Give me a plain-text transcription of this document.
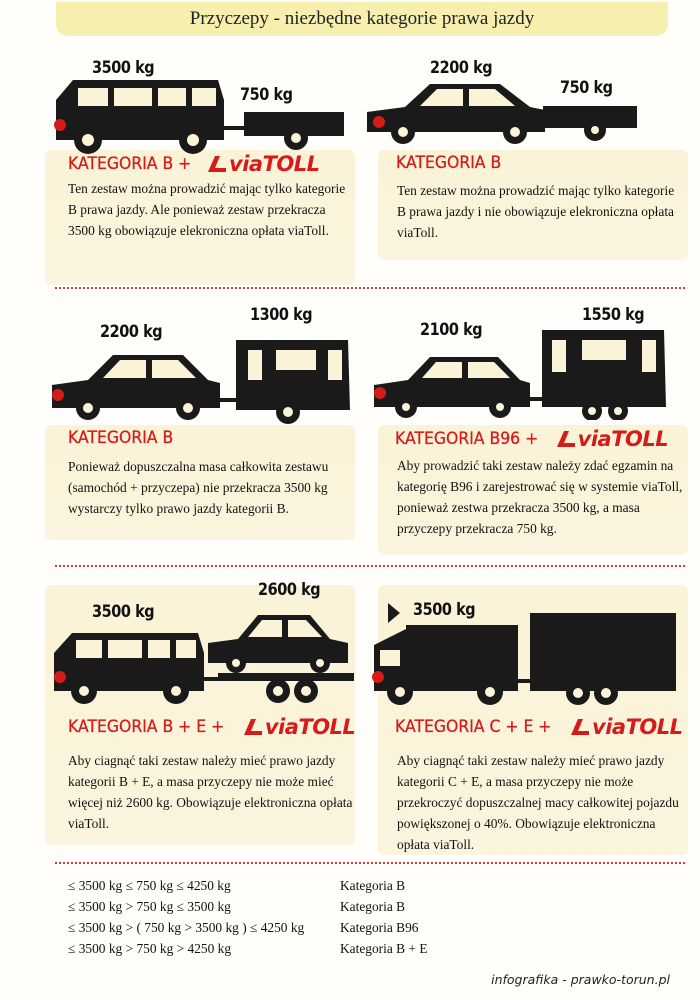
Przyczepy - niezbędne kategorie prawa jazdy
3500 kg
750 kg
KATEGORIA B + viaTOLL
Ten zestaw można prowadzić mając tylko kategorie B prawa jazdy. Ale ponieważ zestaw przekracza 3500 kg obowiązuje elekroniczna opłata viaToll.
2200 kg
750 kg
KATEGORIA B
Ten zestaw można prowadzić mając tylko kategorie B prawa jazdy i nie obowiązuje elekroniczna opłata viaToll.
2200 kg
1300 kg
KATEGORIA B
Ponieważ dopuszczalna masa całkowita zestawu (samochód + przyczepa) nie przekracza 3500 kg wystarczy tylko prawo jazdy kategorii B.
2100 kg
1550 kg
KATEGORIA B96 + viaTOLL
Aby prowadzić taki zestaw należy zdać egzamin na kategorię B96 i zarejestrować się w systemie viaToll, ponieważ zestwa przekracza 3500 kg, a masa przyczepy przekracza 750 kg.
3500 kg
2600 kg
KATEGORIA B + E + viaTOLL
Aby ciagnąć taki zestaw należy mieć prawo jazdy kategorii B + E, a masa przyczepy nie może mieć więcej niż 2600 kg. Obowiązuje elektroniczna opłata viaToll.
3500 kg
KATEGORIA C + E + viaTOLL
Aby ciagnąć taki zestaw należy mieć prawo jazdy kategorii C + E, a masa przyczepy nie może przekroczyć dopuszczalnej macy całkowitej pojazdu powiększonej o 40%. Obowiązuje elektroniczna opłata viaToll.
≤ 3500 kg ≤ 750 kg ≤ 4250 kg	Kategoria B
≤ 3500 kg > 750 kg ≤ 3500 kg	Kategoria B
≤ 3500 kg > ( 750 kg > 3500 kg ) ≤ 4250 kg	Kategoria B96
≤ 3500 kg > 750 kg > 4250 kg	Kategoria B + E
infografika - prawko-torun.pl
